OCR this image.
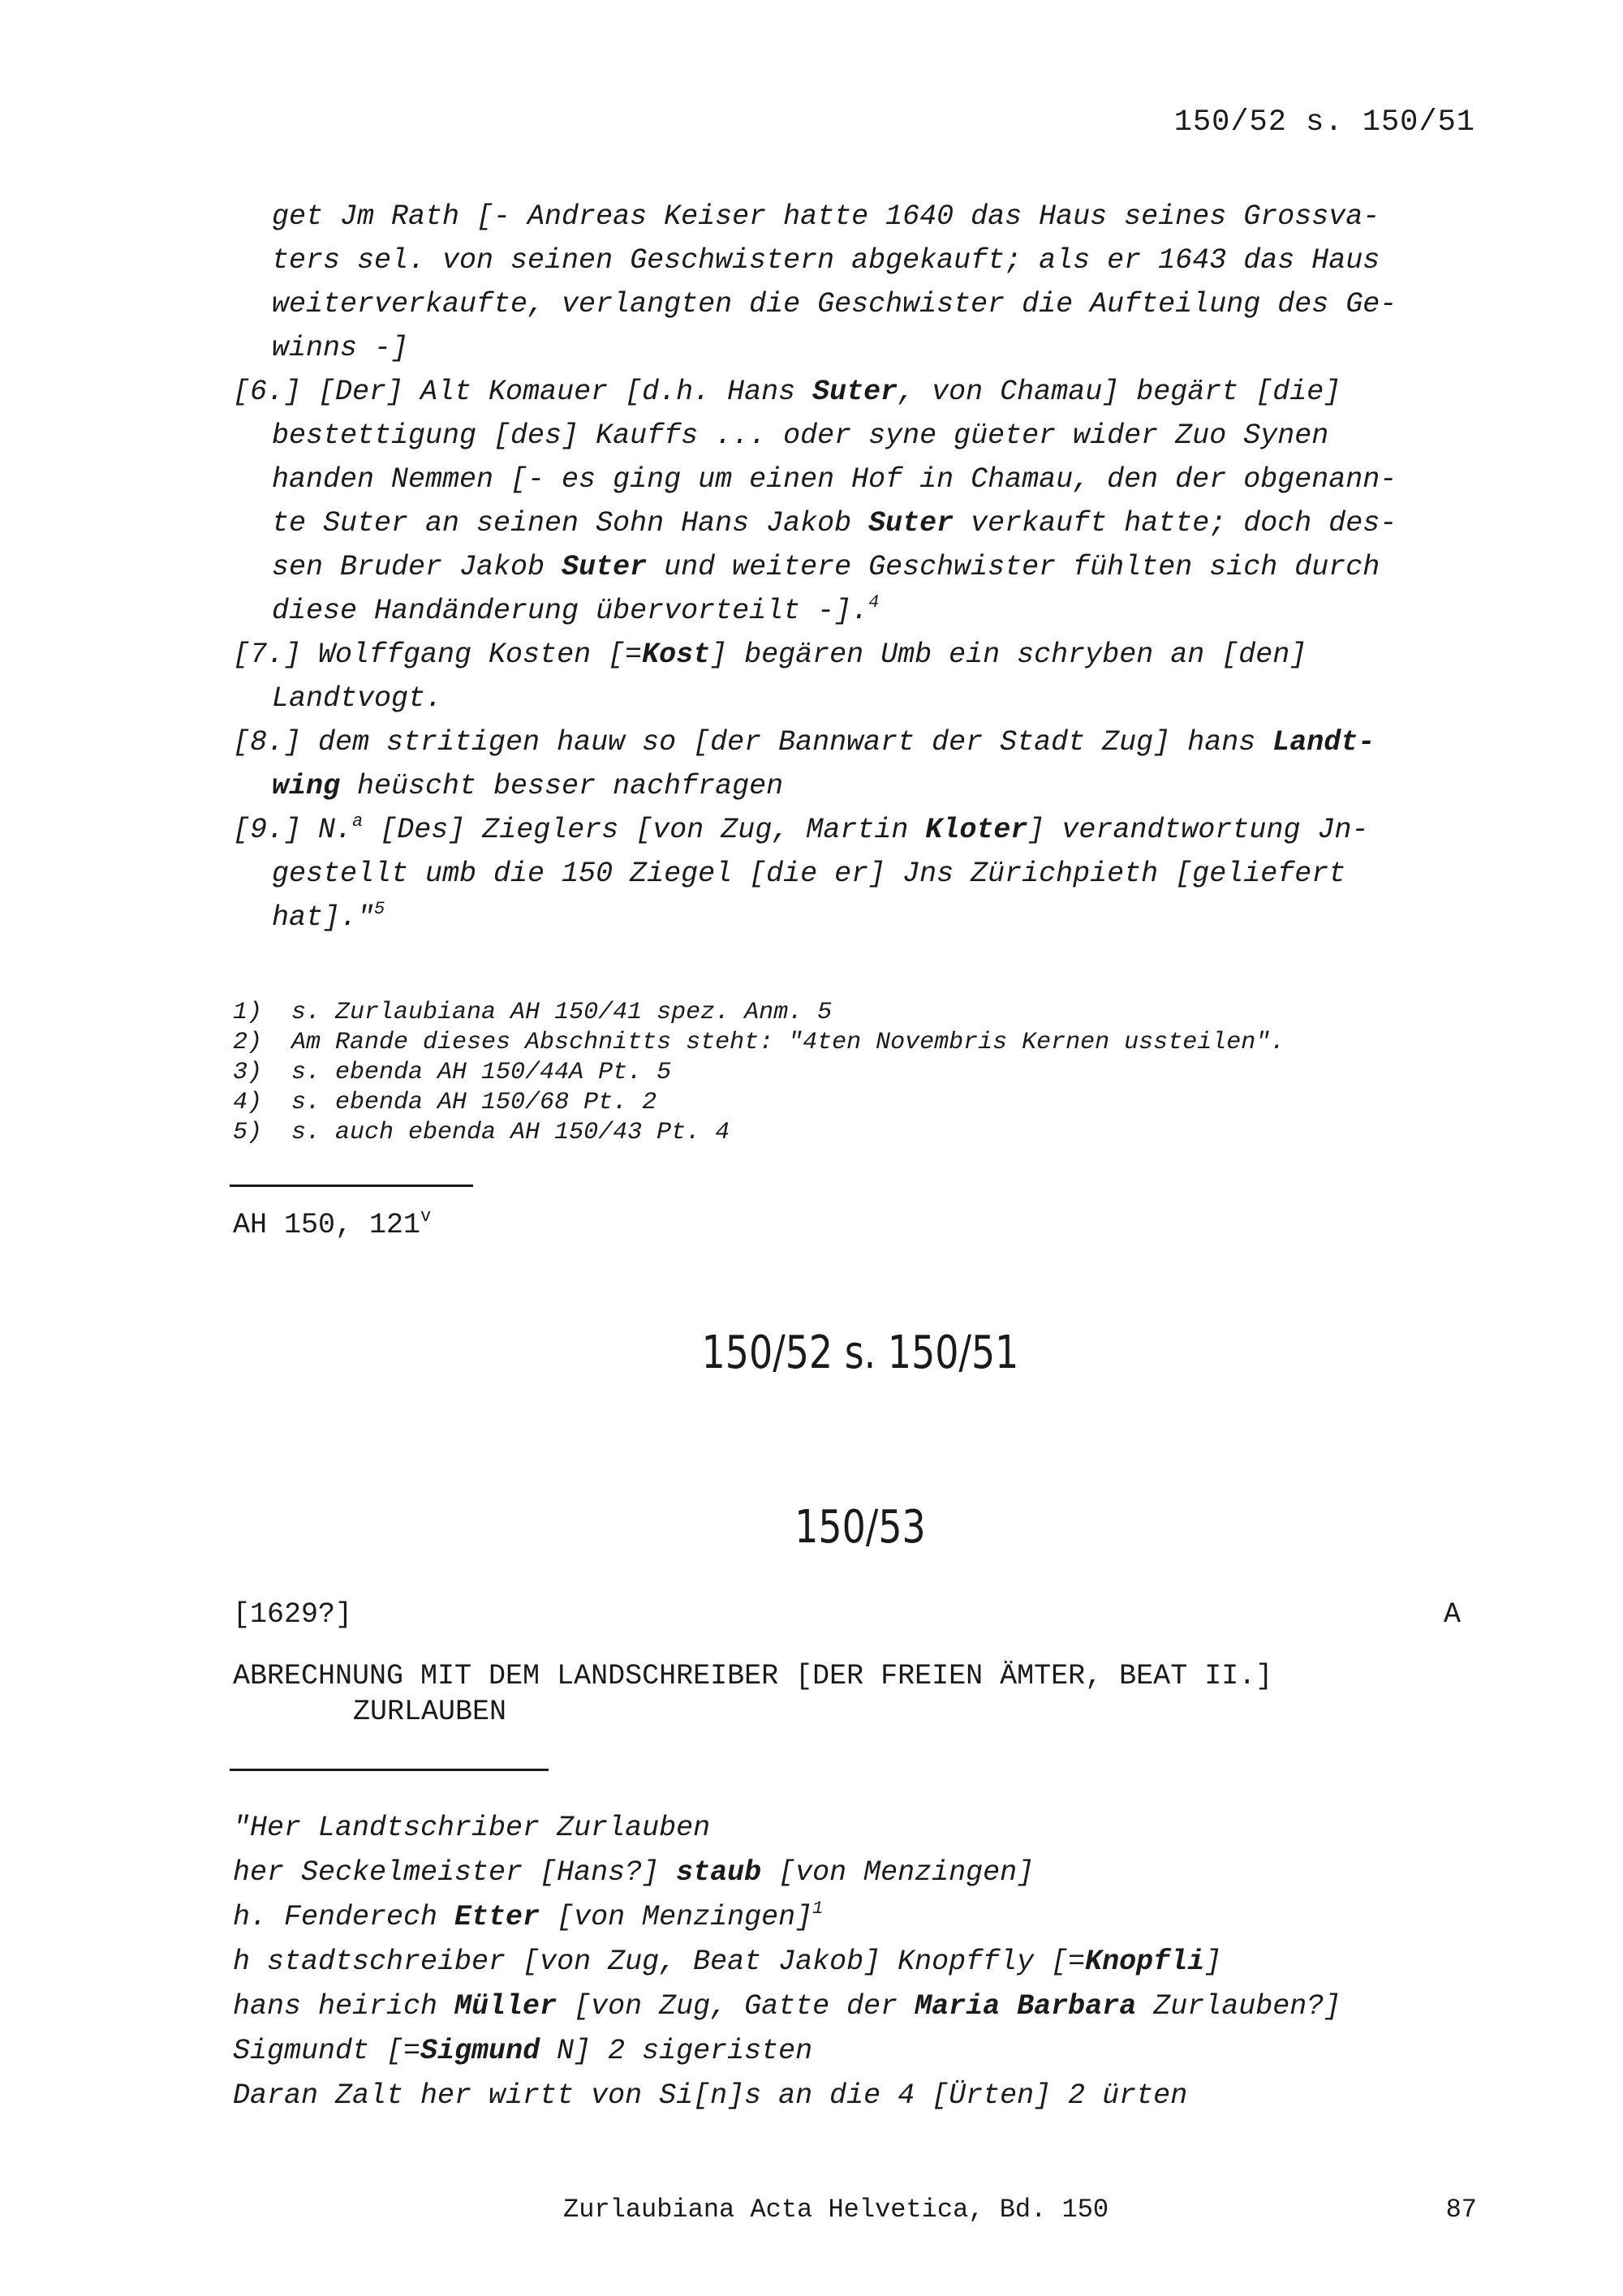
150/52 s. 150/51
get Jm Rath [- Andreas Keiser hatte 1640 das Haus seines Grossva-
ters sel. von seinen Geschwistern abgekauft; als er 1643 das Haus
weiterverkaufte, verlangten die Geschwister die Aufteilung des Ge-
winns -]
[6.] [Der] Alt Komauer [d.h. Hans Suter, von Chamau] begärt [die]
bestettigung [des] Kauffs ... oder syne güeter wider Zuo Synen
handen Nemmen [- es ging um einen Hof in Chamau, den der obgenann-
te Suter an seinen Sohn Hans Jakob Suter verkauft hatte; doch des-
sen Bruder Jakob Suter und weitere Geschwister fühlten sich durch
diese Handänderung übervorteilt -].$^4$
[7.] Wolffgang Kosten [=Kost] begären Umb ein schryben an [den]
Landtvogt.
[8.] dem stritigen hauw so [der Bannwart der Stadt Zug] hans Landt-
wing heüscht besser nachfragen
[9.] N.$^a$ [Des] Zieglers [von Zug, Martin Kloter] verandtwortung Jn-
gestellt umb die 150 Ziegel [die er] Jns Zürichpieth [geliefert
hat]."$^5$
1)  s. Zurlaubiana AH 150/41 spez. Anm. 5
2)  Am Rande dieses Abschnitts steht: "4ten Novembris Kernen ussteilen".
3)  s. ebenda AH 150/44A Pt. 5
4)  s. ebenda AH 150/68 Pt. 2
5)  s. auch ebenda AH 150/43 Pt. 4
AH 150, 121$^v$
150/52 s. 150/51
150/53
[1629?]	A
ABRECHNUNG MIT DEM LANDSCHREIBER [DER FREIEN ÄMTER, BEAT II.]
ZURLAUBEN
"Her Landtschriber Zurlauben
her Seckelmeister [Hans?] staub [von Menzingen]
h. Fenderech Etter [von Menzingen]$^1$
h stadtschreiber [von Zug, Beat Jakob] Knopffly [=Knopfli]
hans heirich Müller [von Zug, Gatte der Maria Barbara Zurlauben?]
Sigmundt [=Sigmund N] 2 sigeristen
Daran Zalt her wirtt von Si[n]s an die 4 [Ürten] 2 ürten
Zurlaubiana Acta Helvetica, Bd. 150	87
